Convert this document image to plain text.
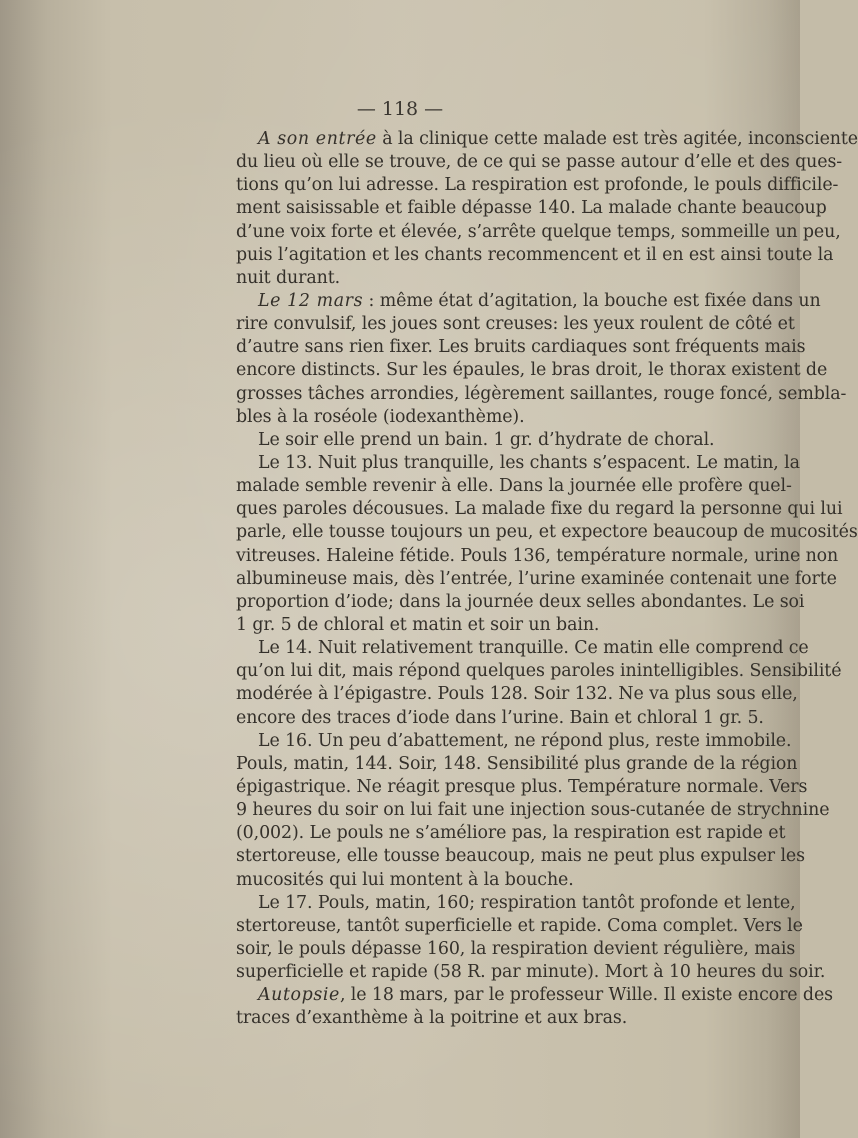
— 118 —
A son entrée à la clinique cette malade est très agitée, inconsciente
du lieu où elle se trouve, de ce qui se passe autour d’elle et des ques-
tions qu’on lui adresse. La respiration est profonde, le pouls difficile-
ment saisissable et faible dépasse 140. La malade chante beaucoup
d’une voix forte et élevée, s’arrête quelque temps, sommeille un peu,
puis l’agitation et les chants recommencent et il en est ainsi toute la
nuit durant.
Le 12 mars : même état d’agitation, la bouche est fixée dans un
rire convulsif, les joues sont creuses: les yeux roulent de côté et
d’autre sans rien fixer. Les bruits cardiaques sont fréquents mais
encore distincts. Sur les épaules, le bras droit, le thorax existent de
grosses tâches arrondies, légèrement saillantes, rouge foncé, sembla-
bles à la roséole (iodexanthème).
Le soir elle prend un bain. 1 gr. d’hydrate de choral.
Le 13. Nuit plus tranquille, les chants s’espacent. Le matin, la
malade semble revenir à elle. Dans la journée elle profère quel-
ques paroles décousues. La malade fixe du regard la personne qui lui
parle, elle tousse toujours un peu, et expectore beaucoup de mucosités
vitreuses. Haleine fétide. Pouls 136, température normale, urine non
albumineuse mais, dès l’entrée, l’urine examinée contenait une forte
proportion d’iode; dans la journée deux selles abondantes. Le soi
1 gr. 5 de chloral et matin et soir un bain.
Le 14. Nuit relativement tranquille. Ce matin elle comprend ce
qu’on lui dit, mais répond quelques paroles inintelligibles. Sensibilité
modérée à l’épigastre. Pouls 128. Soir 132. Ne va plus sous elle,
encore des traces d’iode dans l’urine. Bain et chloral 1 gr. 5.
Le 16. Un peu d’abattement, ne répond plus, reste immobile.
Pouls, matin, 144. Soir, 148. Sensibilité plus grande de la région
épigastrique. Ne réagit presque plus. Température normale. Vers
9 heures du soir on lui fait une injection sous-cutanée de strychnine
(0,002). Le pouls ne s’améliore pas, la respiration est rapide et
stertoreuse, elle tousse beaucoup, mais ne peut plus expulser les
mucosités qui lui montent à la bouche.
Le 17. Pouls, matin, 160; respiration tantôt profonde et lente,
stertoreuse, tantôt superficielle et rapide. Coma complet. Vers le
soir, le pouls dépasse 160, la respiration devient régulière, mais
superficielle et rapide (58 R. par minute). Mort à 10 heures du soir.
Autopsie, le 18 mars, par le professeur Wille. Il existe encore des
traces d’exanthème à la poitrine et aux bras.
